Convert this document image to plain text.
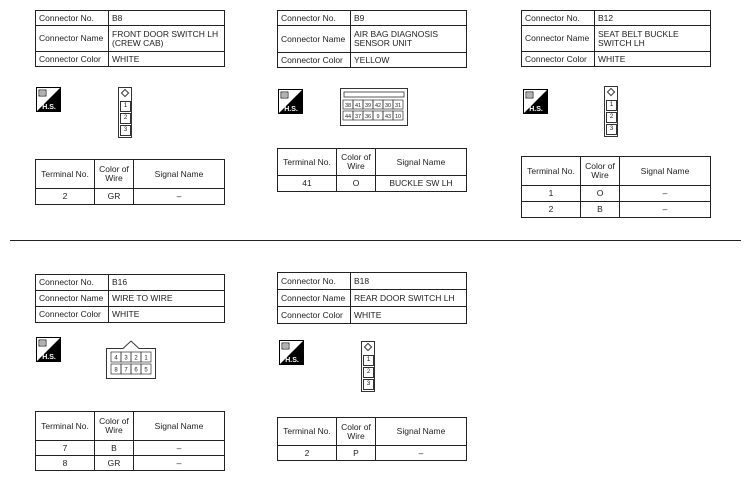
Connector No.	B8
Connector Name	FRONT DOOR SWITCH LH (CREW CAB)
Connector Color	WHITE
H.S.	1
2
3
Terminal No.	Color of Wire	Signal Name
2	GR	–
Connector No.	B9
Connector Name	AIR BAG DIAGNOSIS SENSOR UNIT
Connector Color	YELLOW
H.S.	38 41 39 42 30 31
44 37 36 9 43 10
Terminal No.	Color of Wire	Signal Name
41	O	BUCKLE SW LH
Connector No.	B12
Connector Name	SEAT BELT BUCKLE SWITCH LH
Connector Color	WHITE
H.S.
1
2
3
Terminal No.	Color of Wire	Signal Name
1	O	–
2	B	–
Connector No.	B16
Connector Name	WIRE TO WIRE
Connector Color	WHITE
H.S.	4 3 2 1
8 7 6 5
Terminal No.	Color of Wire	Signal Name
7	B	–
8	GR	–
Connector No.	B18
Connector Name	REAR DOOR SWITCH LH
Connector Color	WHITE
H.S.	1
2
3
Terminal No.	Color of Wire	Signal Name
2	P	–
